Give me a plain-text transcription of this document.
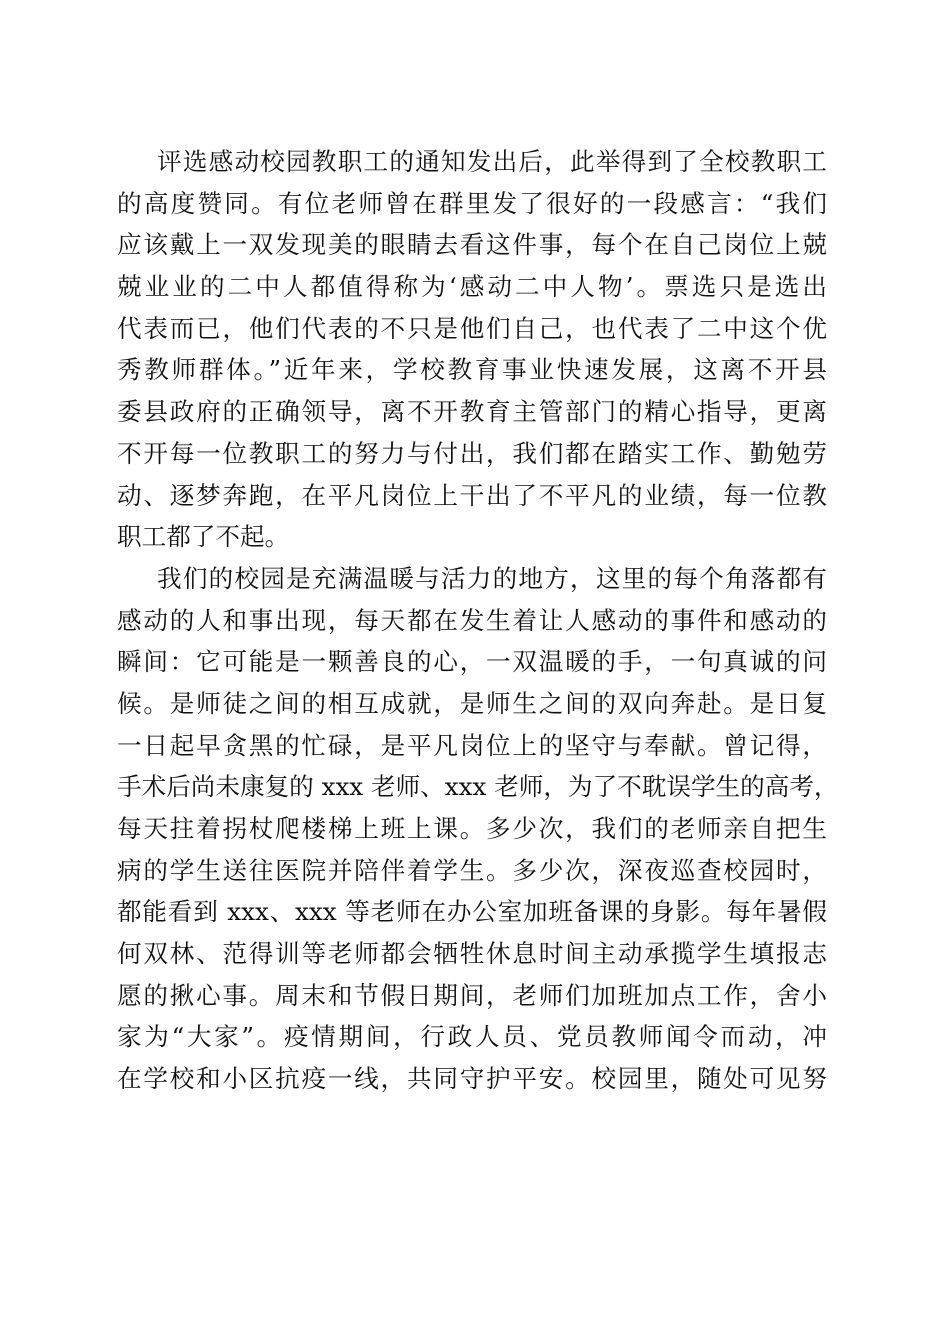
评选感动校园教职工的通知发出后，此举得到了全校教职工
的高度赞同。有位老师曾在群里发了很好的一段感言：“我们
应该戴上一双发现美的眼睛去看这件事，每个在自己岗位上兢
兢业业的二中人都值得称为‘感动二中人物’。票选只是选出
代表而已，他们代表的不只是他们自己，也代表了二中这个优
秀教师群体。”近年来，学校教育事业快速发展，这离不开县
委县政府的正确领导，离不开教育主管部门的精心指导，更离
不开每一位教职工的努力与付出，我们都在踏实工作、勤勉劳
动、逐梦奔跑，在平凡岗位上干出了不平凡的业绩，每一位教
职工都了不起。
我们的校园是充满温暖与活力的地方，这里的每个角落都有
感动的人和事出现，每天都在发生着让人感动的事件和感动的
瞬间：它可能是一颗善良的心，一双温暖的手，一句真诚的问
候。是师徒之间的相互成就，是师生之间的双向奔赴。是日复
一日起早贪黑的忙碌，是平凡岗位上的坚守与奉献。曾记得，
手术后尚未康复的 xxx 老师、xxx 老师，为了不耽误学生的高考，
每天拄着拐杖爬楼梯上班上课。多少次，我们的老师亲自把生
病的学生送往医院并陪伴着学生。多少次，深夜巡查校园时，
都能看到 xxx、xxx 等老师在办公室加班备课的身影。每年暑假
何双林、范得训等老师都会牺牲休息时间主动承揽学生填报志
愿的揪心事。周末和节假日期间，老师们加班加点工作，舍小
家为“大家”。疫情期间，行政人员、党员教师闻令而动，冲
在学校和小区抗疫一线，共同守护平安。校园里，随处可见努
